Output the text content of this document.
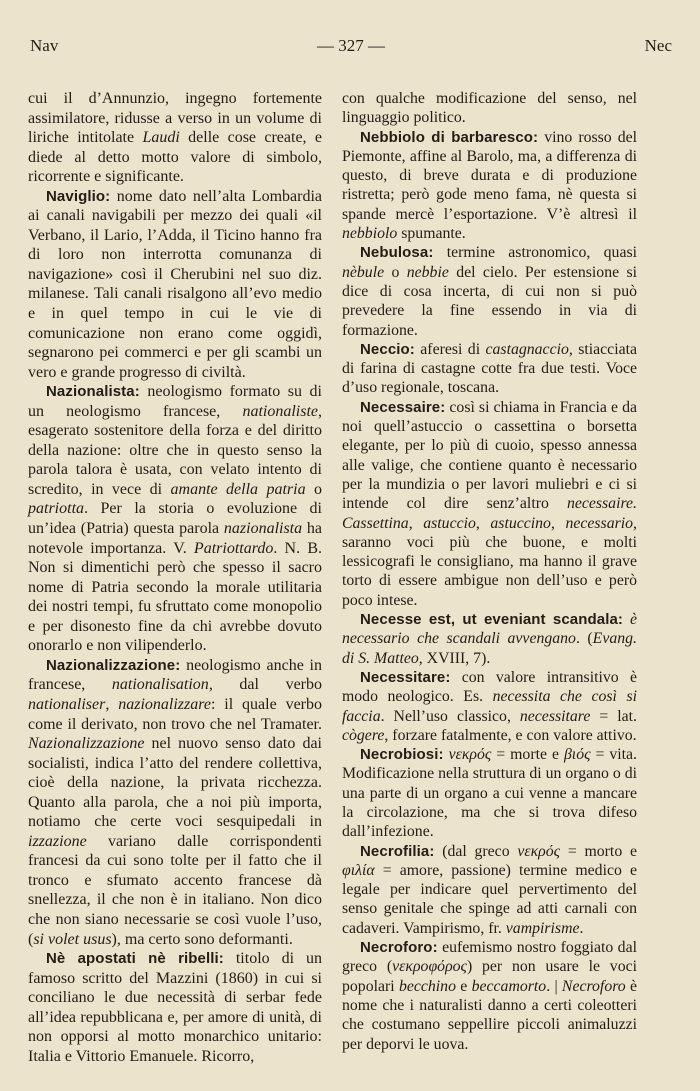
Nav	— 327 —	Nec

cui il d’Annunzio, ingegno fortemente assimilatore, ridusse a verso in un volume di liriche intitolate Laudi delle cose create, e diede al detto motto valore di simbolo, ricorrente e significante.

Naviglio: nome dato nell’alta Lombardia ai canali navigabili per mezzo dei quali «il Verbano, il Lario, l’Adda, il Ticino hanno fra di loro non interrotta comunanza di navigazione» così il Cherubini nel suo diz. milanese. Tali canali risalgono all’evo medio e in quel tempo in cui le vie di comunicazione non erano come oggidì, segnarono pei commerci e per gli scambi un vero e grande progresso di civiltà.

Nazionalista: neologismo formato su di un neologismo francese, nationaliste, esagerato sostenitore della forza e del diritto della nazione: oltre che in questo senso la parola talora è usata, con velato intento di scredito, in vece di amante della patria o patriotta. Per la storia o evoluzione di un’idea (Patria) questa parola nazionalista ha notevole importanza. V. Patriottardo. N. B. Non si dimentichi però che spesso il sacro nome di Patria secondo la morale utilitaria dei nostri tempi, fu sfruttato come monopolio e per disonesto fine da chi avrebbe dovuto onorarlo e non vilipenderlo.

Nazionalizzazione: neologismo anche in francese, nationalisation, dal verbo nationaliser, nazionalizzare: il quale verbo come il derivato, non trovo che nel Tramater. Nazionalizzazione nel nuovo senso dato dai socialisti, indica l’atto del rendere collettiva, cioè della nazione, la privata ricchezza. Quanto alla parola, che a noi più importa, notiamo che certe voci sesquipedali in izzazione variano dalle corrispondenti francesi da cui sono tolte per il fatto che il tronco e sfumato accento francese dà snellezza, il che non è in italiano. Non dico che non siano necessarie se così vuole l’uso, (si volet usus), ma certo sono deformanti.

Nè apostati nè ribelli: titolo di un famoso scritto del Mazzini (1860) in cui si conciliano le due necessità di serbar fede all’idea repubblicana e, per amore di unità, di non opporsi al motto monarchico unitario: Italia e Vittorio Emanuele. Ricorro,

con qualche modificazione del senso, nel linguaggio politico.

Nebbiolo di barbaresco: vino rosso del Piemonte, affine al Barolo, ma, a differenza di questo, di breve durata e di produzione ristretta; però gode meno fama, nè questa si spande mercè l’esportazione. V’è altresì il nebbiolo spumante.

Nebulosa: termine astronomico, quasi nèbule o nebbie del cielo. Per estensione si dice di cosa incerta, di cui non si può prevedere la fine essendo in via di formazione.

Neccio: aferesi di castagnaccio, stiacciata di farina di castagne cotte fra due testi. Voce d’uso regionale, toscana.

Necessaire: così si chiama in Francia e da noi quell’astuccio o cassettina o borsetta elegante, per lo più di cuoio, spesso annessa alle valige, che contiene quanto è necessario per la mundizia o per lavori muliebri e ci si intende col dire senz’altro necessaire. Cassettina, astuccio, astuccino, necessario, saranno voci più che buone, e molti lessicografi le consigliano, ma hanno il grave torto di essere ambigue non dell’uso e però poco intese.

Necesse est, ut eveniant scandala: è necessario che scandali avvengano. (Evang. di S. Matteo, XVIII, 7).

Necessitare: con valore intransitivo è modo neologico. Es. necessita che così si faccia. Nell’uso classico, necessitare = lat. cògere, forzare fatalmente, e con valore attivo.

Necrobiosi: νεκρός = morte e βιός = vita. Modificazione nella struttura di un organo o di una parte di un organo a cui venne a mancare la circolazione, ma che si trova difeso dall’infezione.

Necrofilia: (dal greco νεκρός = morto e φιλία = amore, passione) termine medico e legale per indicare quel pervertimento del senso genitale che spinge ad atti carnali con cadaveri. Vampirismo, fr. vampirisme.

Necroforo: eufemismo nostro foggiato dal greco (νεκροφόρος) per non usare le voci popolari becchino e beccamorto. | Necroforo è nome che i naturalisti danno a certi coleotteri che costumano seppellire piccoli animaluzzi per deporvi le uova.
